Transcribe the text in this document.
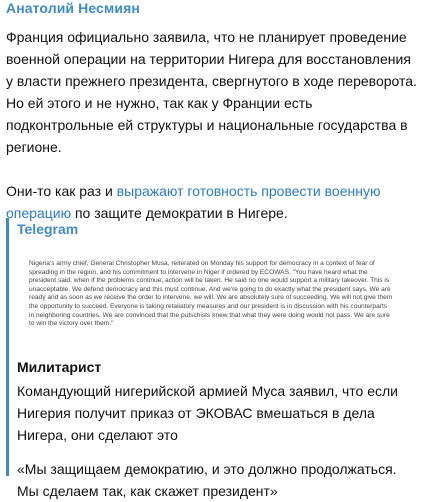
Анатолий Несмиян

Франция официально заявила, что не планирует проведение военной операции на территории Нигера для восстановления у власти прежнего президента, свергнутого в ходе переворота. Но ей этого и не нужно, так как у Франции есть подконтрольные ей структуры и национальные государства в регионе.

Они-то как раз и выражают готовность провести военную операцию по защите демократии в Нигере.

Telegram
Nigeria's army chief, General Christopher Musa, reiterated on Monday his support for democracy in a context of fear of spreading in the region, and his commitment to intervene in Niger if ordered by ECOWAS. "You have heard what the president said, when if the problems continue, action will be taken. He said no one would support a military takeover. This is unacceptable. We defend democracy and this must continue. And we're going to do exactly what the president says. We are ready and as soon as we receive the order to intervene, we will. We are absolutely sure of succeeding. We will not give them the opportunity to succeed. Everyone is taking retaliatory measures and our president is in discussion with his counterparts in neighboring countries. We are convinced that the putschists knew that what they were doing would not pass. We are sure to win the victory over them."
Милитарист

Командующий нигерийской армией Муса заявил, что если Нигерия получит приказ от ЭКОВАС вмешаться в дела Нигера, они сделают это

«Мы защищаем демократию, и это должно продолжаться. Мы сделаем так, как скажет президент»
